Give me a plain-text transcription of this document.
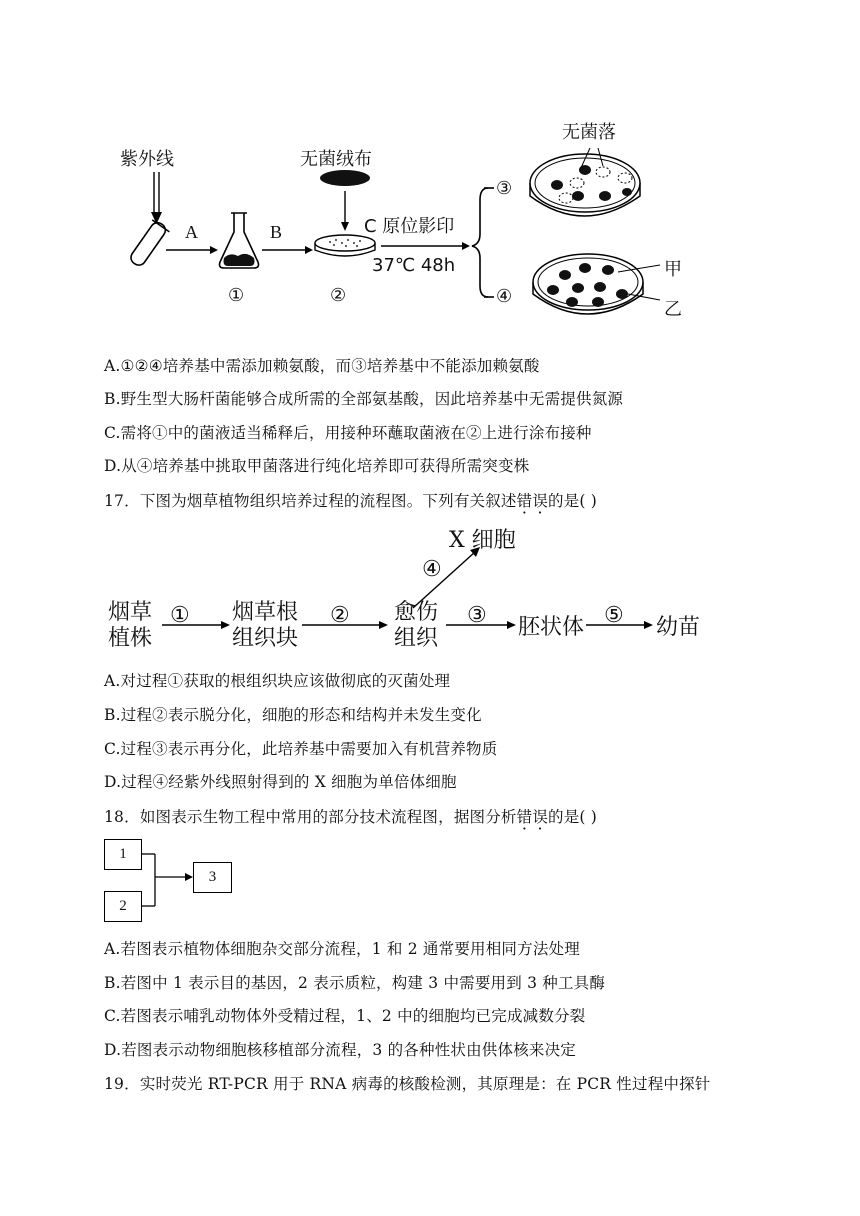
紫外线	无菌绒布
A	B	C 原位影印
37℃ 48h
①	②
③
④
无菌落
甲
乙
A.①②④培养基中需添加赖氨酸，而③培养基中不能添加赖氨酸
B.野生型大肠杆菌能够合成所需的全部氨基酸，因此培养基中无需提供氮源
C.需将①中的菌液适当稀释后，用接种环蘸取菌液在②上进行涂布接种
D.从④培养基中挑取甲菌落进行纯化培养即可获得所需突变株
17．下图为烟草植物组织培养过程的流程图。下列有关叙述错误的是( )
烟草
植株
① 烟草根
组织块
② 愈伤
组织
③ 胚状体 ⑤ 幼苗
④
X 细胞
A.对过程①获取的根组织块应该做彻底的灭菌处理
B.过程②表示脱分化，细胞的形态和结构并未发生变化
C.过程③表示再分化，此培养基中需要加入有机营养物质
D.过程④经紫外线照射得到的 X 细胞为单倍体细胞
18．如图表示生物工程中常用的部分技术流程图，据图分析错误的是( )
1
2
3
A.若图表示植物体细胞杂交部分流程，1 和 2 通常要用相同方法处理
B.若图中 1 表示目的基因，2 表示质粒，构建 3 中需要用到 3 种工具酶
C.若图表示哺乳动物体外受精过程，1、2 中的细胞均已完成减数分裂
D.若图表示动物细胞核移植部分流程，3 的各种性状由供体核来决定
19．实时荧光 RT-PCR 用于 RNA 病毒的核酸检测，其原理是：在 PCR 性过程中探针
